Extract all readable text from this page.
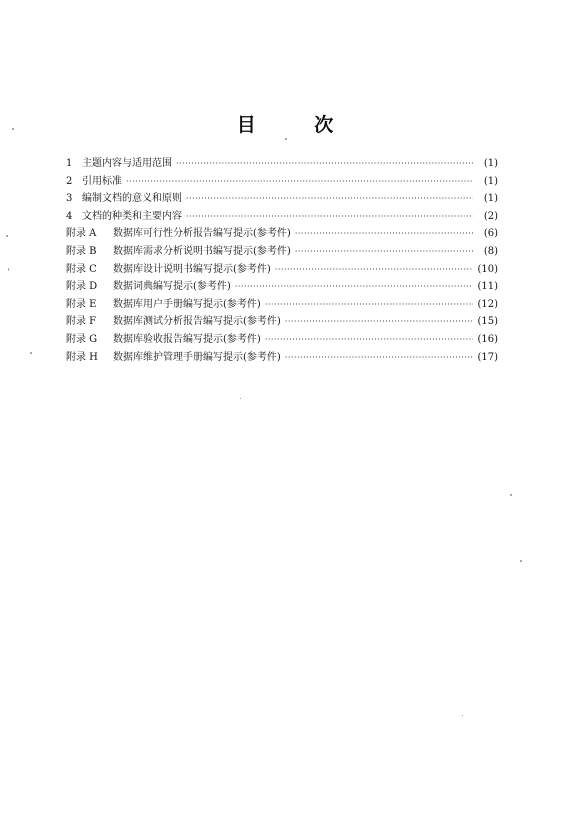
目 次
1 主题内容与适用范围 ·····	(1)
2 引用标准 ·····	(1)
3 编制文档的意义和原则 ·····	(1)
4 文档的种类和主要内容 ·····	(2)
附录 A	数据库可行性分析报告编写提示(参考件) ·····	(6)
附录 B	数据库需求分析说明书编写提示(参考件) ·····	(8)
附录 C	数据库设计说明书编写提示(参考件) ·····	(10)
附录 D	数据词典编写提示(参考件) ·····	(11)
附录 E	数据库用户手册编写提示(参考件) ·····	(12)
附录 F	数据库测试分析报告编写提示(参考件) ·····	(15)
附录 G	数据库验收报告编写提示(参考件) ·····	(16)
附录 H	数据库维护管理手册编写提示(参考件) ·····	(17)
